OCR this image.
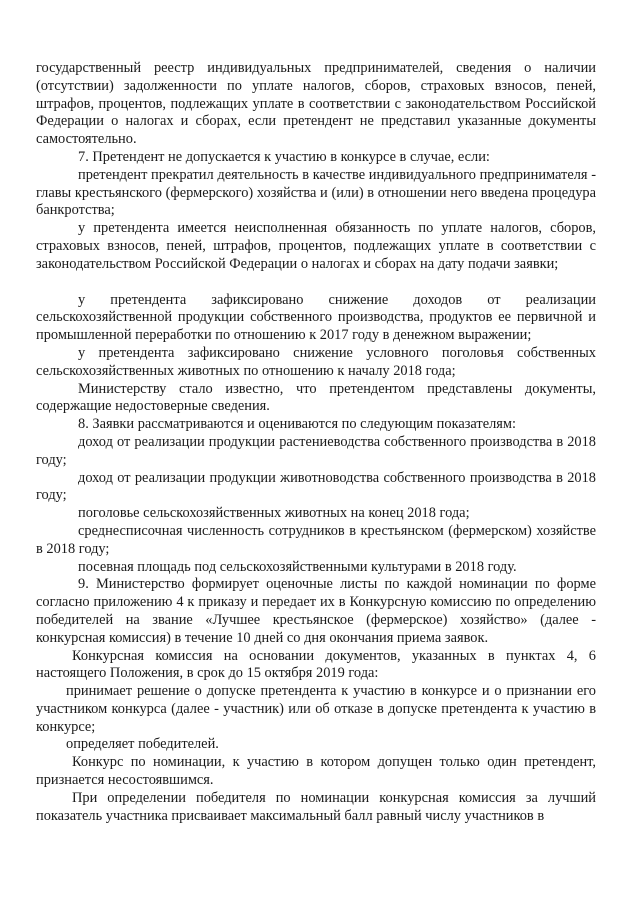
государственный реестр индивидуальных предпринимателей, сведения о наличии (отсутствии) задолженности по уплате налогов, сборов, страховых взносов, пеней, штрафов, процентов, подлежащих уплате в соответствии с законодательством Российской Федерации о налогах и сборах, если претендент не представил указанные документы самостоятельно.

7. Претендент не допускается к участию в конкурсе в случае, если:

претендент прекратил деятельность в качестве индивидуального предпринимателя - главы крестьянского (фермерского) хозяйства и (или) в отношении него введена процедура банкротства;

у претендента имеется неисполненная обязанность по уплате налогов, сборов, страховых взносов, пеней, штрафов, процентов, подлежащих уплате в соответствии с законодательством Российской Федерации о налогах и сборах на дату подачи заявки;

у претендента зафиксировано снижение доходов от реализации сельскохозяйственной продукции собственного производства, продуктов ее первичной и промышленной переработки по отношению к 2017 году в денежном выражении;

у претендента зафиксировано снижение условного поголовья собственных сельскохозяйственных животных по отношению к началу 2018 года;

Министерству стало известно, что претендентом представлены документы, содержащие недостоверные сведения.

8. Заявки рассматриваются и оцениваются по следующим показателям:

доход от реализации продукции растениеводства собственного производства в 2018 году;

доход от реализации продукции животноводства собственного производства в 2018 году;

поголовье сельскохозяйственных животных на конец 2018 года;

среднесписочная численность сотрудников в крестьянском (фермерском) хозяйстве в 2018 году;

посевная площадь под сельскохозяйственными культурами в 2018 году.

9. Министерство формирует оценочные листы по каждой номинации по форме согласно приложению 4 к приказу и передает их в Конкурсную комиссию по определению победителей на звание «Лучшее крестьянское (фермерское) хозяйство» (далее - конкурсная комиссия) в течение 10 дней со дня окончания приема заявок.

Конкурсная комиссия на основании документов, указанных в пунктах 4, 6 настоящего Положения, в срок до 15 октября 2019 года:

принимает решение о допуске претендента к участию в конкурсе и о признании его участником конкурса (далее - участник) или об отказе в допуске претендента к участию в конкурсе;

определяет победителей.

Конкурс по номинации, к участию в котором допущен только один претендент, признается несостоявшимся.

При определении победителя по номинации конкурсная комиссия за лучший показатель участника присваивает максимальный балл равный числу участников в
